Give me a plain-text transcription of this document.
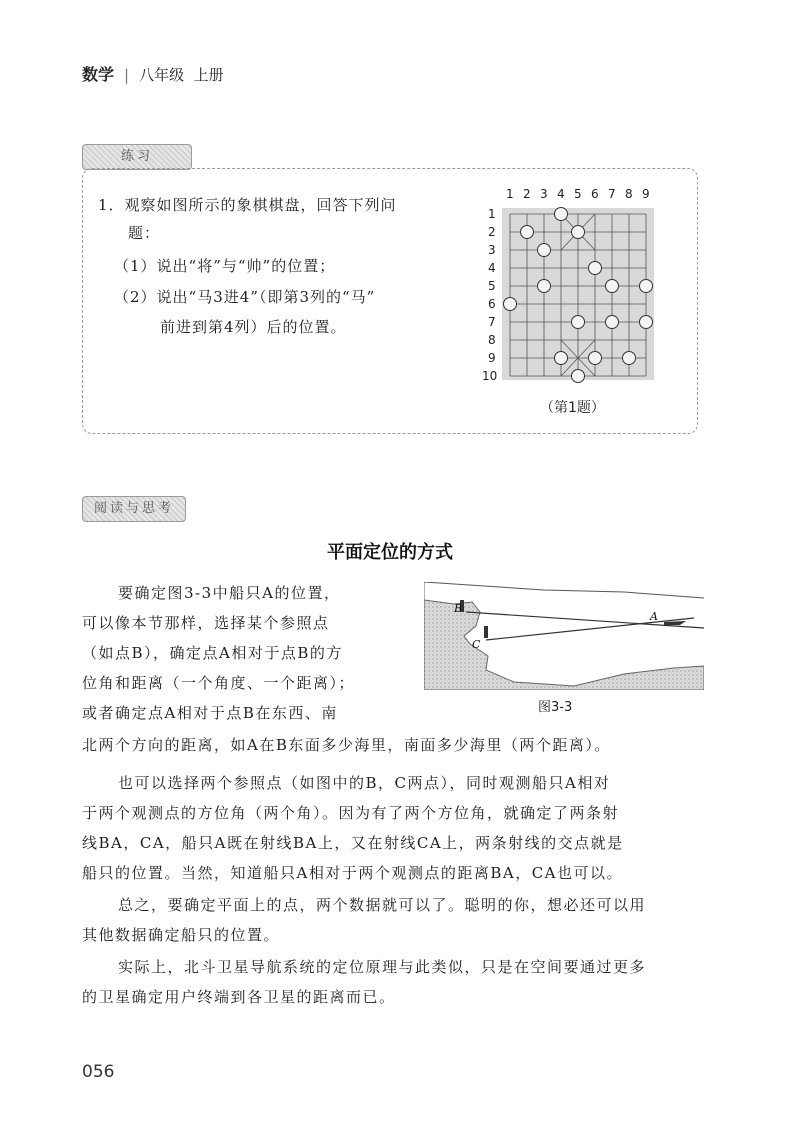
数学 | 八年级 上册
练习
1．观察如图所示的象棋棋盘，回答下列问
题：
（1）说出“将”与“帅”的位置；
（2）说出“马3进4”（即第3列的“马”
前进到第4列）后的位置。
1 2 3 4 5 6 7 8 9
1
2
3
4
5
6
7
8
9
10
（第1题）
阅读与思考
平面定位的方式
要确定图3-3中船只A的位置，
可以像本节那样，选择某个参照点
（如点B），确定点A相对于点B的方
位角和距离（一个角度、一个距离）；
或者确定点A相对于点B在东西、南
北两个方向的距离，如A在B东面多少海里，南面多少海里（两个距离）。
B
C
A
图3-3
也可以选择两个参照点（如图中的B，C两点），同时观测船只A相对
于两个观测点的方位角（两个角）。因为有了两个方位角，就确定了两条射
线BA，CA，船只A既在射线BA上，又在射线CA上，两条射线的交点就是
船只的位置。当然，知道船只A相对于两个观测点的距离BA，CA也可以。
总之，要确定平面上的点，两个数据就可以了。聪明的你，想必还可以用
其他数据确定船只的位置。
实际上，北斗卫星导航系统的定位原理与此类似，只是在空间要通过更多
的卫星确定用户终端到各卫星的距离而已。
056
